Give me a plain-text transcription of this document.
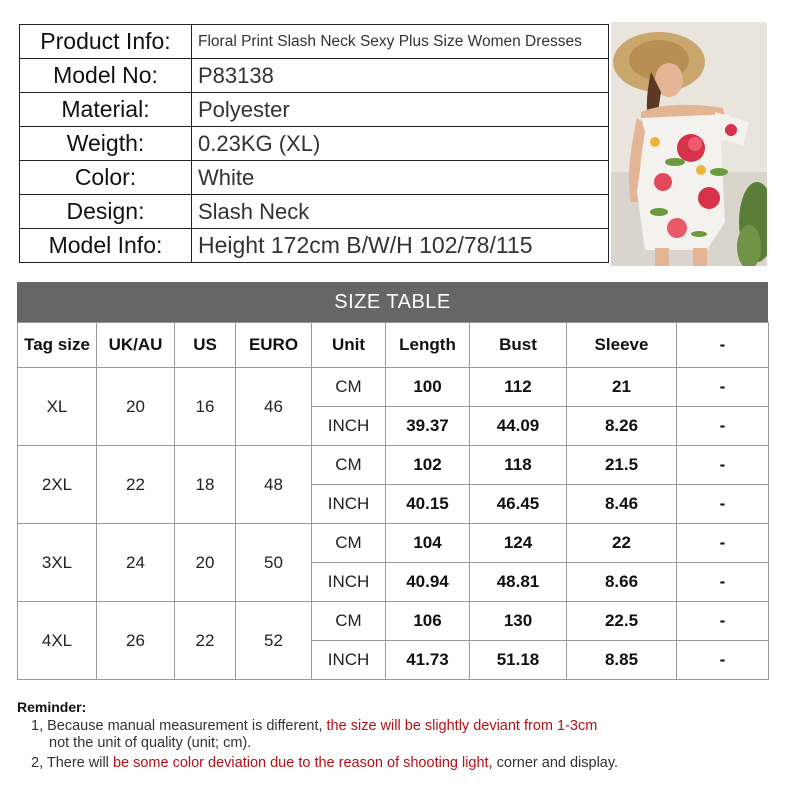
Product Info:	Floral Print Slash Neck Sexy Plus Size Women Dresses
Model No:	P83138
Material:	Polyester
Weigth:	0.23KG (XL)
Color:	White
Design:	Slash Neck
Model Info:	Height 172cm B/W/H 102/78/115
SIZE TABLE
Tag size	UK/AU	US	EURO	Unit	Length	Bust	Sleeve	-
XL	20	16	46	CM	100	112	21	-
				INCH	39.37	44.09	8.26	-
2XL	22	18	48	CM	102	118	21.5	-
				INCH	40.15	46.45	8.46	-
3XL	24	20	50	CM	104	124	22	-
				INCH	40.94	48.81	8.66	-
4XL	26	22	52	CM	106	130	22.5	-
				INCH	41.73	51.18	8.85	-
Reminder:
1, Because manual measurement is different, the size will be slightly deviant from 1-3cm
not the unit of quality (unit; cm).
2, There will be some color deviation due to the reason of shooting light, corner and display.
